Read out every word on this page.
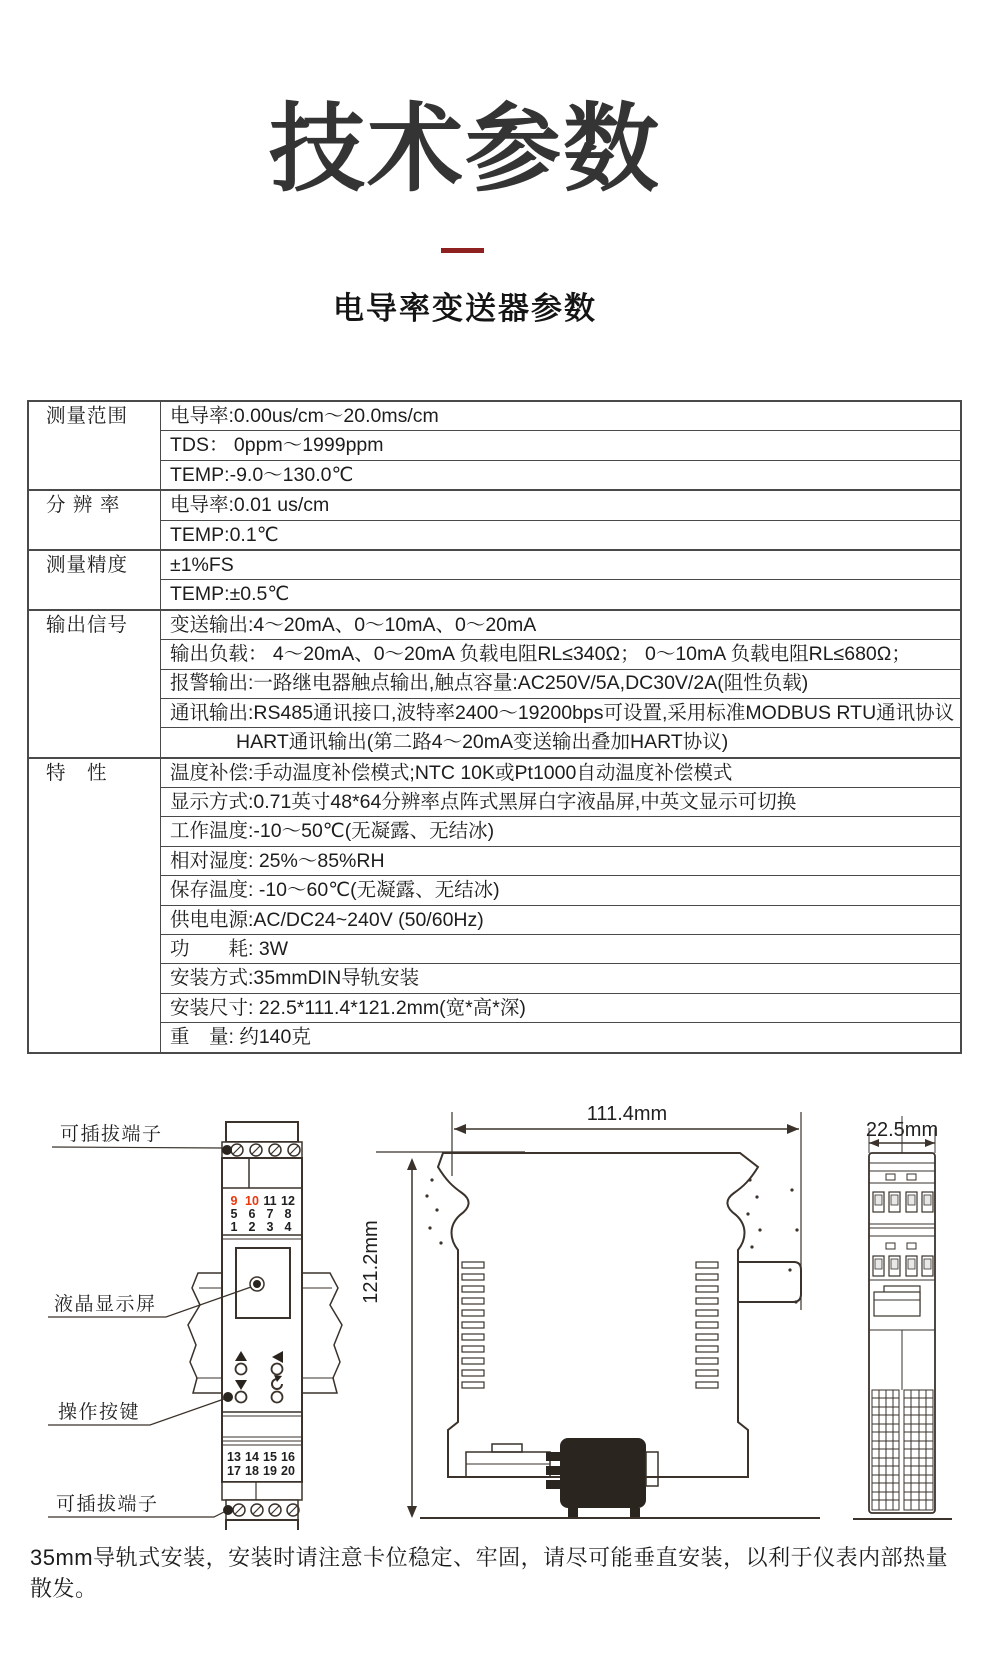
技术参数
电导率变送器参数
测量范围	电导率:0.00us/cm～20.0ms/cm
	TDS： 0ppm～1999ppm
	TEMP:-9.0～130.0℃
分 辨 率	电导率:0.01 us/cm
	TEMP:0.1℃
测量精度	±1%FS
	TEMP:±0.5℃
输出信号	变送输出:4～20mA、0～10mA、0～20mA
	输出负载： 4～20mA、0～20mA 负载电阻RL≤340Ω； 0～10mA 负载电阻RL≤680Ω；
	报警输出:一路继电器触点输出,触点容量:AC250V/5A,DC30V/2A(阻性负载)
	通讯输出:RS485通讯接口,波特率2400～19200bps可设置,采用标准MODBUS RTU通讯协议
	HART通讯输出(第二路4～20mA变送输出叠加HART协议)
特　性	温度补偿:手动温度补偿模式;NTC 10K或Pt1000自动温度补偿模式
	显示方式:0.71英寸48*64分辨率点阵式黑屏白字液晶屏,中英文显示可切换
	工作温度:-10～50℃(无凝露、无结冰)
	相对湿度: 25%～85%RH
	保存温度: -10～60℃(无凝露、无结冰)
	供电电源:AC/DC24~240V (50/60Hz)
	功　　耗: 3W
	安装方式:35mmDIN导轨安装
	安装尺寸: 22.5*111.4*121.2mm(宽*高*深)
	重　量: 约140克
9 10 11 12
5 6 7 8
1 2 3 4
13 14 15 16
17 18 19 20
可插拔端子
液晶显示屏
操作按键
可插拔端子
111.4mm
121.2mm
22.5mm
35mm导轨式安装，安装时请注意卡位稳定、牢固，请尽可能垂直安装，以利于仪表内部热量散发。
